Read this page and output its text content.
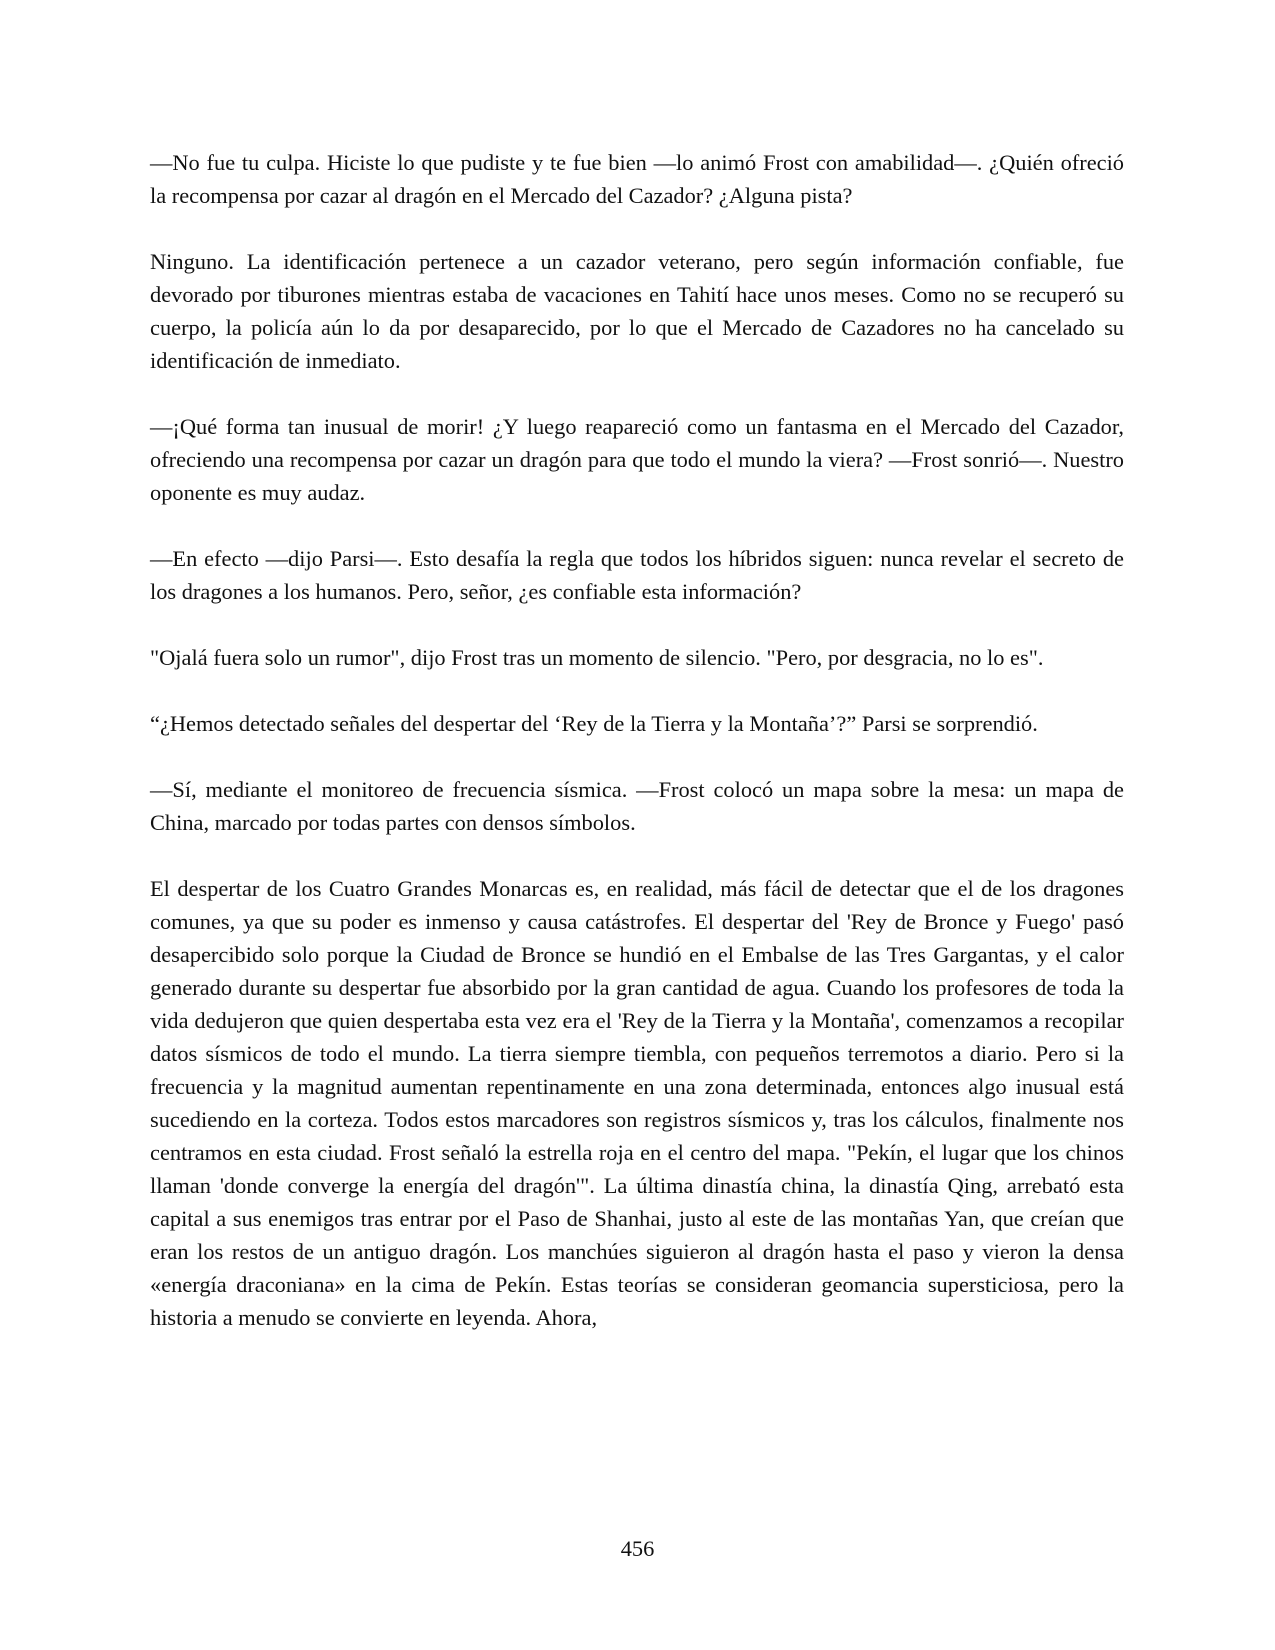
—No fue tu culpa. Hiciste lo que pudiste y te fue bien —lo animó Frost con amabilidad—. ¿Quién ofreció la recompensa por cazar al dragón en el Mercado del Cazador? ¿Alguna pista?

Ninguno. La identificación pertenece a un cazador veterano, pero según información confiable, fue devorado por tiburones mientras estaba de vacaciones en Tahití hace unos meses. Como no se recuperó su cuerpo, la policía aún lo da por desaparecido, por lo que el Mercado de Cazadores no ha cancelado su identificación de inmediato.

—¡Qué forma tan inusual de morir! ¿Y luego reapareció como un fantasma en el Mercado del Cazador, ofreciendo una recompensa por cazar un dragón para que todo el mundo la viera? —Frost sonrió—. Nuestro oponente es muy audaz.

—En efecto —dijo Parsi—. Esto desafía la regla que todos los híbridos siguen: nunca revelar el secreto de los dragones a los humanos. Pero, señor, ¿es confiable esta información?

"Ojalá fuera solo un rumor", dijo Frost tras un momento de silencio. "Pero, por desgracia, no lo es".

“¿Hemos detectado señales del despertar del ‘Rey de la Tierra y la Montaña’?” Parsi se sorprendió.

—Sí, mediante el monitoreo de frecuencia sísmica. —Frost colocó un mapa sobre la mesa: un mapa de China, marcado por todas partes con densos símbolos.

El despertar de los Cuatro Grandes Monarcas es, en realidad, más fácil de detectar que el de los dragones comunes, ya que su poder es inmenso y causa catástrofes. El despertar del 'Rey de Bronce y Fuego' pasó desapercibido solo porque la Ciudad de Bronce se hundió en el Embalse de las Tres Gargantas, y el calor generado durante su despertar fue absorbido por la gran cantidad de agua. Cuando los profesores de toda la vida dedujeron que quien despertaba esta vez era el 'Rey de la Tierra y la Montaña', comenzamos a recopilar datos sísmicos de todo el mundo. La tierra siempre tiembla, con pequeños terremotos a diario. Pero si la frecuencia y la magnitud aumentan repentinamente en una zona determinada, entonces algo inusual está sucediendo en la corteza. Todos estos marcadores son registros sísmicos y, tras los cálculos, finalmente nos centramos en esta ciudad. Frost señaló la estrella roja en el centro del mapa. "Pekín, el lugar que los chinos llaman 'donde converge la energía del dragón'". La última dinastía china, la dinastía Qing, arrebató esta capital a sus enemigos tras entrar por el Paso de Shanhai, justo al este de las montañas Yan, que creían que eran los restos de un antiguo dragón. Los manchúes siguieron al dragón hasta el paso y vieron la densa «energía draconiana» en la cima de Pekín. Estas teorías se consideran geomancia supersticiosa, pero la historia a menudo se convierte en leyenda. Ahora,

456
